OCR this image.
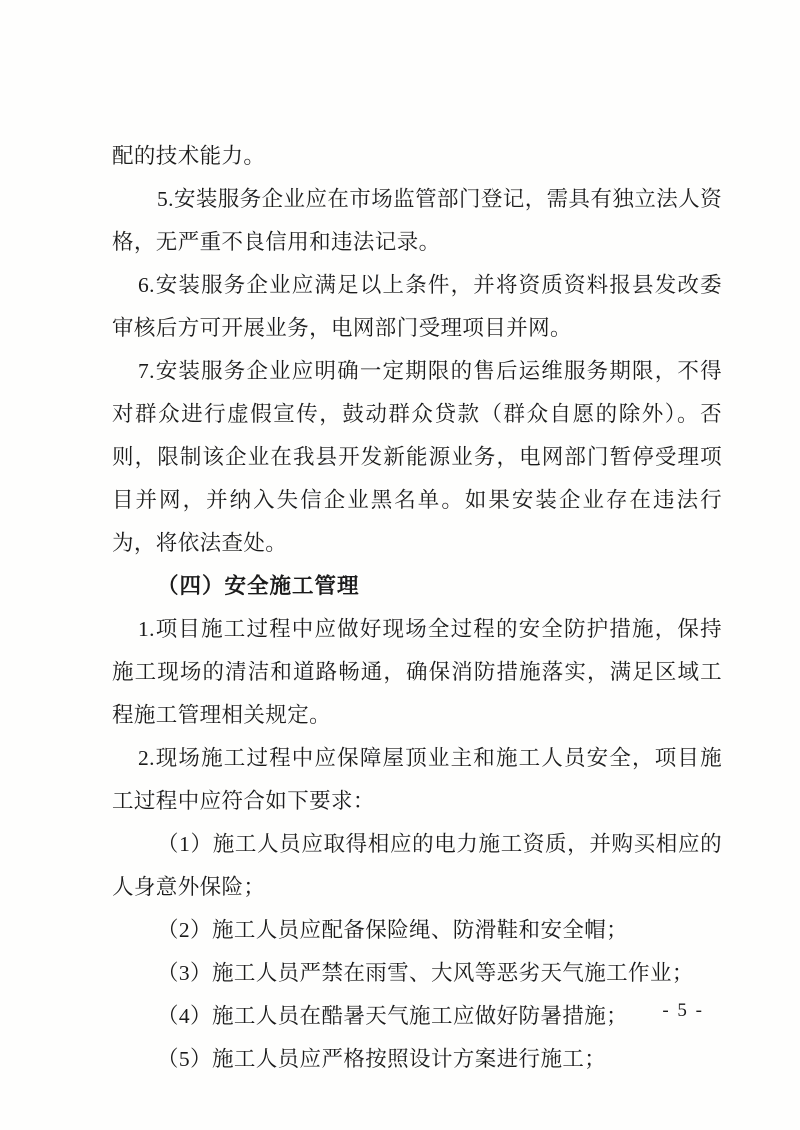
配的技术能力。

5.安装服务企业应在市场监管部门登记，需具有独立法人资格，无严重不良信用和违法记录。

6.安装服务企业应满足以上条件，并将资质资料报县发改委审核后方可开展业务，电网部门受理项目并网。

7.安装服务企业应明确一定期限的售后运维服务期限，不得对群众进行虚假宣传，鼓动群众贷款（群众自愿的除外）。否则，限制该企业在我县开发新能源业务，电网部门暂停受理项目并网，并纳入失信企业黑名单。如果安装企业存在违法行为，将依法查处。

（四）安全施工管理

1.项目施工过程中应做好现场全过程的安全防护措施，保持施工现场的清洁和道路畅通，确保消防措施落实，满足区域工程施工管理相关规定。

2.现场施工过程中应保障屋顶业主和施工人员安全，项目施工过程中应符合如下要求：

（1）施工人员应取得相应的电力施工资质，并购买相应的人身意外保险；

（2）施工人员应配备保险绳、防滑鞋和安全帽；

（3）施工人员严禁在雨雪、大风等恶劣天气施工作业；

（4）施工人员在酷暑天气施工应做好防暑措施；

（5）施工人员应严格按照设计方案进行施工；

- 5 -
